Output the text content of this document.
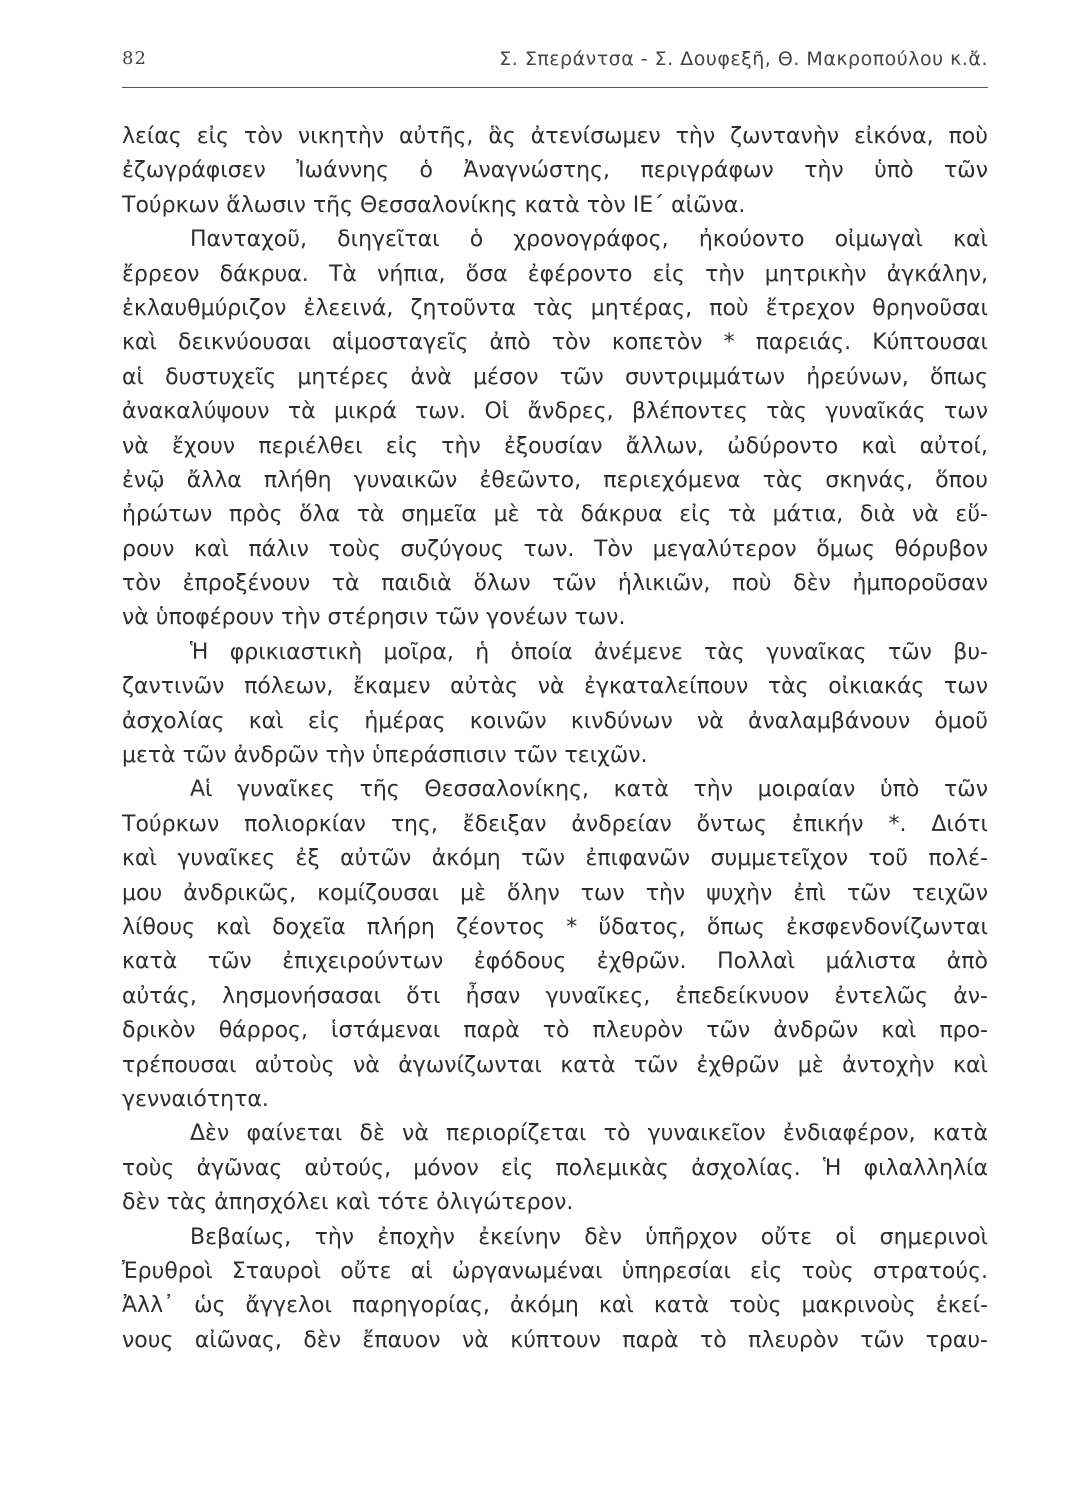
82	Σ. Σπεράντσα - Σ. Δουφεξῆ, Θ. Μακροπούλου κ.ἄ.
λείας εἰς τὸν νικητὴν αὐτῆς, ἃς ἀτενίσωμεν τὴν ζωντανὴν εἰκόνα, ποὺ
ἐζωγράφισεν Ἰωάννης ὁ Ἀναγνώστης, περιγράφων τὴν ὑπὸ τῶν
Τούρκων ἅλωσιν τῆς Θεσσαλονίκης κατὰ τὸν ΙΕ΄ αἰῶνα.
Πανταχοῦ, διηγεῖται ὁ χρονογράφος, ἠκούοντο οἰμωγαὶ καὶ
ἔρρεον δάκρυα. Τὰ νήπια, ὅσα ἐφέροντο εἰς τὴν μητρικὴν ἀγκάλην,
ἐκλαυθμύριζον ἐλεεινά, ζητοῦντα τὰς μητέρας, ποὺ ἔτρεχον θρηνοῦσαι
καὶ δεικνύουσαι αἱμοσταγεῖς ἀπὸ τὸν κοπετὸν * παρειάς. Κύπτουσαι
αἱ δυστυχεῖς μητέρες ἀνὰ μέσον τῶν συντριμμάτων ἠρεύνων, ὅπως
ἀνακαλύψουν τὰ μικρά των. Οἱ ἄνδρες, βλέποντες τὰς γυναῖκάς των
νὰ ἔχουν περιέλθει εἰς τὴν ἐξουσίαν ἄλλων, ὠδύροντο καὶ αὐτοί,
ἐνῷ ἄλλα πλήθη γυναικῶν ἐθεῶντο, περιεχόμενα τὰς σκηνάς, ὅπου
ἠρώτων πρὸς ὅλα τὰ σημεῖα μὲ τὰ δάκρυα εἰς τὰ μάτια, διὰ νὰ εὕ-
ρουν καὶ πάλιν τοὺς συζύγους των. Τὸν μεγαλύτερον ὅμως θόρυβον
τὸν ἐπροξένουν τὰ παιδιὰ ὅλων τῶν ἡλικιῶν, ποὺ δὲν ἠμποροῦσαν
νὰ ὑποφέρουν τὴν στέρησιν τῶν γονέων των.
Ἡ φρικιαστικὴ μοῖρα, ἡ ὁποία ἀνέμενε τὰς γυναῖκας τῶν βυ-
ζαντινῶν πόλεων, ἔκαμεν αὐτὰς νὰ ἐγκαταλείπουν τὰς οἰκιακάς των
ἀσχολίας καὶ εἰς ἡμέρας κοινῶν κινδύνων νὰ ἀναλαμβάνουν ὁμοῦ
μετὰ τῶν ἀνδρῶν τὴν ὑπεράσπισιν τῶν τειχῶν.
Αἱ γυναῖκες τῆς Θεσσαλονίκης, κατὰ τὴν μοιραίαν ὑπὸ τῶν
Τούρκων πολιορκίαν της, ἔδειξαν ἀνδρείαν ὄντως ἐπικήν *. Διότι
καὶ γυναῖκες ἐξ αὐτῶν ἀκόμη τῶν ἐπιφανῶν συμμετεῖχον τοῦ πολέ-
μου ἀνδρικῶς, κομίζουσαι μὲ ὅλην των τὴν ψυχὴν ἐπὶ τῶν τειχῶν
λίθους καὶ δοχεῖα πλήρη ζέοντος * ὕδατος, ὅπως ἐκσφενδονίζωνται
κατὰ τῶν ἐπιχειρούντων ἐφόδους ἐχθρῶν. Πολλαὶ μάλιστα ἀπὸ
αὐτάς, λησμονήσασαι ὅτι ἦσαν γυναῖκες, ἐπεδείκνυον ἐντελῶς ἀν-
δρικὸν θάρρος, ἱστάμεναι παρὰ τὸ πλευρὸν τῶν ἀνδρῶν καὶ προ-
τρέπουσαι αὐτοὺς νὰ ἀγωνίζωνται κατὰ τῶν ἐχθρῶν μὲ ἀντοχὴν καὶ
γενναιότητα.
Δὲν φαίνεται δὲ νὰ περιορίζεται τὸ γυναικεῖον ἐνδιαφέρον, κατὰ
τοὺς ἀγῶνας αὐτούς, μόνον εἰς πολεμικὰς ἀσχολίας. Ἡ φιλαλληλία
δὲν τὰς ἀπησχόλει καὶ τότε ὀλιγώτερον.
Βεβαίως, τὴν ἐποχὴν ἐκείνην δὲν ὑπῆρχον οὔτε οἱ σημερινοὶ
Ἐρυθροὶ Σταυροὶ οὔτε αἱ ὠργανωμέναι ὑπηρεσίαι εἰς τοὺς στρατούς.
Ἀλλ᾽ ὡς ἄγγελοι παρηγορίας, ἀκόμη καὶ κατὰ τοὺς μακρινοὺς ἐκεί-
νους αἰῶνας, δὲν ἔπαυον νὰ κύπτουν παρὰ τὸ πλευρὸν τῶν τραυ-
